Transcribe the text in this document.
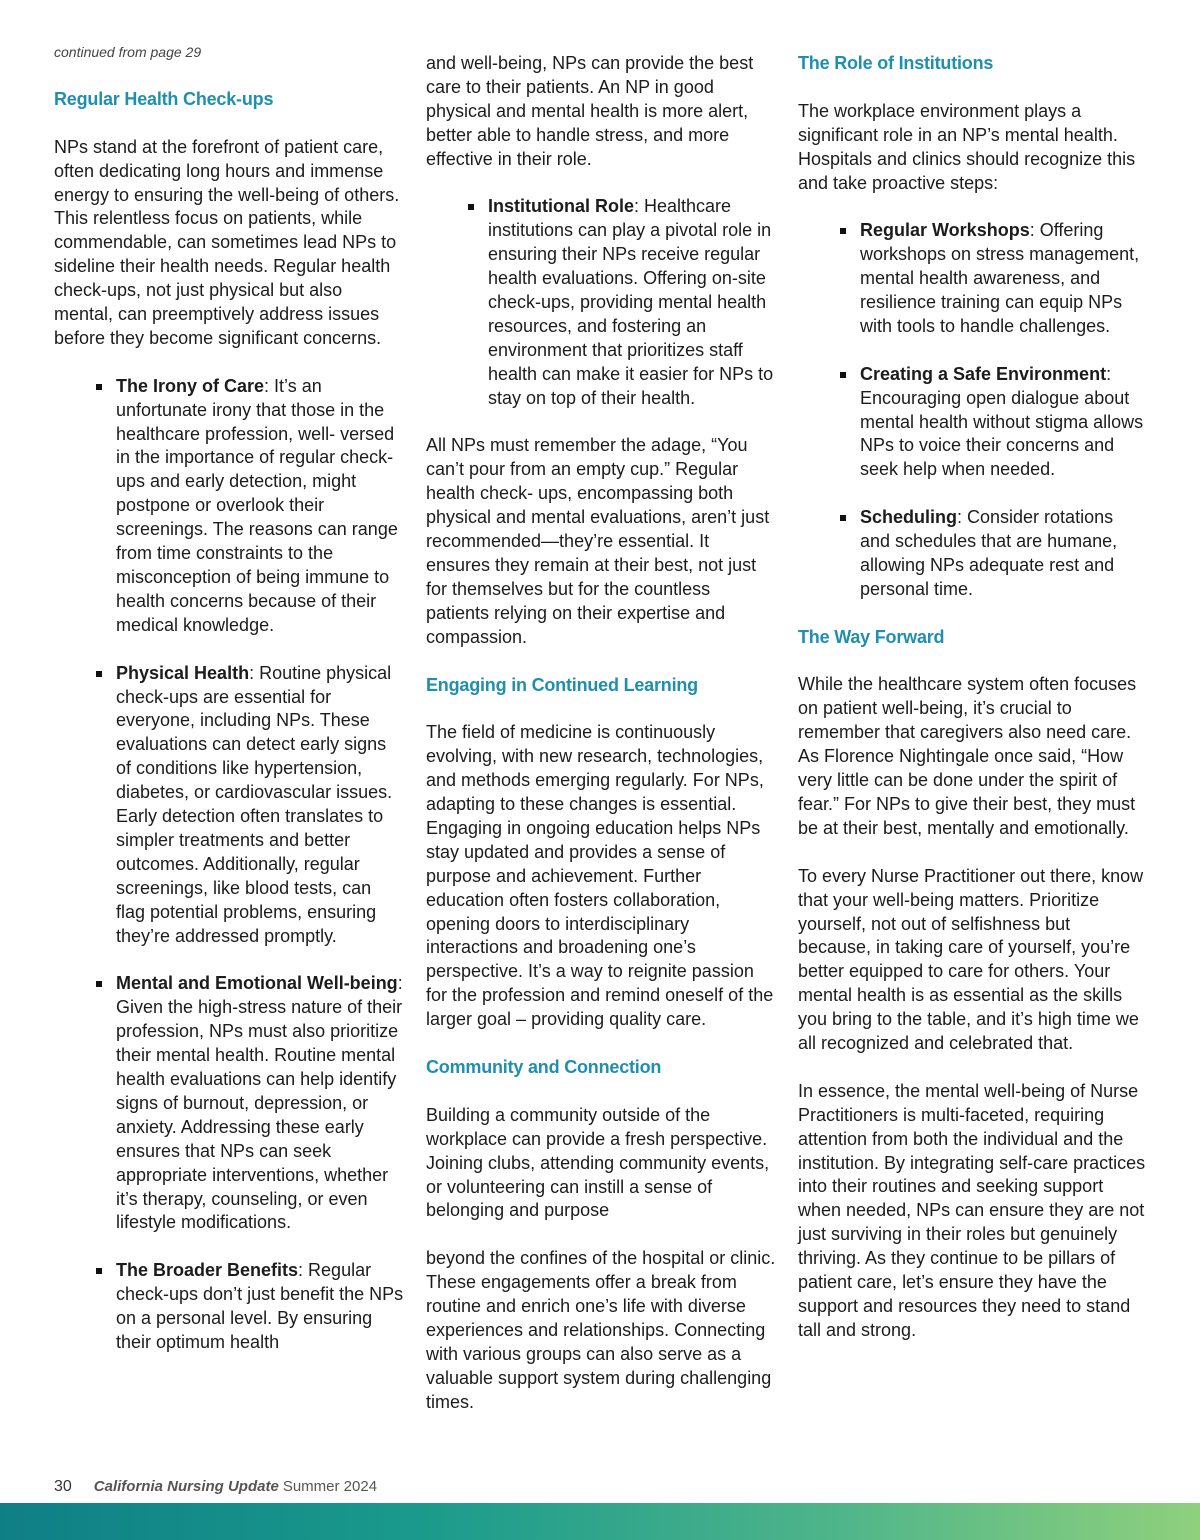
continued from page 29

Regular Health Check-ups

NPs stand at the forefront of patient care, often dedicating long hours and immense energy to ensuring the well-being of others. This relentless focus on patients, while commendable, can sometimes lead NPs to sideline their health needs. Regular health check-ups, not just physical but also mental, can preemptively address issues before they become significant concerns.

The Irony of Care: It’s an unfortunate irony that those in the healthcare profession, well- versed in the importance of regular check-ups and early detection, might postpone or overlook their screenings. The reasons can range from time constraints to the misconception of being immune to health concerns because of their medical knowledge.

Physical Health: Routine physical check-ups are essential for everyone, including NPs. These evaluations can detect early signs of conditions like hypertension, diabetes, or cardiovascular issues. Early detection often translates to simpler treatments and better outcomes. Additionally, regular screenings, like blood tests, can flag potential problems, ensuring they’re addressed promptly.

Mental and Emotional Well-being: Given the high-stress nature of their profession, NPs must also prioritize their mental health. Routine mental health evaluations can help identify signs of burnout, depression, or anxiety. Addressing these early ensures that NPs can seek appropriate interventions, whether it’s therapy, counseling, or even lifestyle modifications.

The Broader Benefits: Regular check-ups don’t just benefit the NPs on a personal level. By ensuring their optimum health

and well-being, NPs can provide the best care to their patients. An NP in good physical and mental health is more alert, better able to handle stress, and more effective in their role.

Institutional Role: Healthcare institutions can play a pivotal role in ensuring their NPs receive regular health evaluations. Offering on-site check-ups, providing mental health resources, and fostering an environment that prioritizes staff health can make it easier for NPs to stay on top of their health.

All NPs must remember the adage, “You can’t pour from an empty cup.” Regular health check- ups, encompassing both physical and mental evaluations, aren’t just recommended—they’re essential. It ensures they remain at their best, not just for themselves but for the countless patients relying on their expertise and compassion.

Engaging in Continued Learning

The field of medicine is continuously evolving, with new research, technologies, and methods emerging regularly. For NPs, adapting to these changes is essential. Engaging in ongoing education helps NPs stay updated and provides a sense of purpose and achievement. Further education often fosters collaboration, opening doors to interdisciplinary interactions and broadening one’s perspective. It’s a way to reignite passion for the profession and remind oneself of the larger goal – providing quality care.

Community and Connection

Building a community outside of the workplace can provide a fresh perspective. Joining clubs, attending community events, or volunteering can instill a sense of belonging and purpose

beyond the confines of the hospital or clinic. These engagements offer a break from routine and enrich one’s life with diverse experiences and relationships. Connecting with various groups can also serve as a valuable support system during challenging times.

The Role of Institutions

The workplace environment plays a significant role in an NP’s mental health. Hospitals and clinics should recognize this and take proactive steps:

Regular Workshops: Offering workshops on stress management, mental health awareness, and resilience training can equip NPs with tools to handle challenges.

Creating a Safe Environment: Encouraging open dialogue about mental health without stigma allows NPs to voice their concerns and seek help when needed.

Scheduling: Consider rotations and schedules that are humane, allowing NPs adequate rest and personal time.

The Way Forward

While the healthcare system often focuses on patient well-being, it’s crucial to remember that caregivers also need care. As Florence Nightingale once said, “How very little can be done under the spirit of fear.” For NPs to give their best, they must be at their best, mentally and emotionally.

To every Nurse Practitioner out there, know that your well-being matters. Prioritize yourself, not out of selfishness but because, in taking care of yourself, you’re better equipped to care for others. Your mental health is as essential as the skills you bring to the table, and it’s high time we all recognized and celebrated that.

In essence, the mental well-being of Nurse Practitioners is multi-faceted, requiring attention from both the individual and the institution. By integrating self-care practices into their routines and seeking support when needed, NPs can ensure they are not just surviving in their roles but genuinely thriving. As they continue to be pillars of patient care, let’s ensure they have the support and resources they need to stand tall and strong.

30 California Nursing Update Summer 2024
